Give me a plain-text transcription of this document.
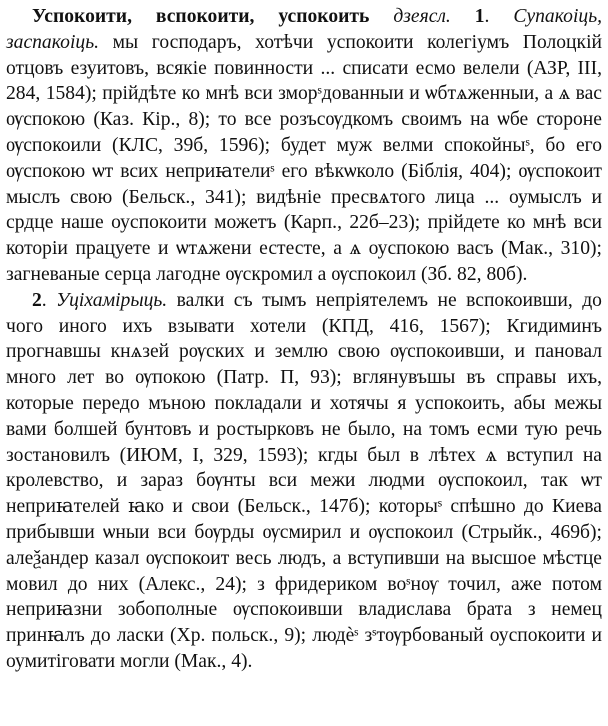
Успокоити, вспокоити, успокоить дзеясл. 1. Супакоіць, заспакоіць. мы господаръ, хотѣчи успокоити колегіумъ Полоцкій отцовъ езуитовъ, всякіе повинности ... списати есмо велели (АЗР, III, 284, 1584); прійдѣте ко мнѣ вси зморˢдованныи и ѡбтѧженныи, а ѧ вас ѹспокою (Каз. Кір., 8); то все розъсѹдкомъ своимъ на ѡбе стороне ѹспокоили (КЛС, 39б, 1596); будет муж велми спокойныˢ, бо его ѹспокою ѡт всих неприꙗтелиˢ его вѣкѡколо (Біблія, 404); ѹспокоит мыслъ свою (Бельск., 341); видѣніе пресвѧтого лица ... оумыслъ и срдце наше оуспокоити можетъ (Карп., 22б–23); прійдете ко мнѣ вси которіи працуете и ѡтѧжени естесте, а ѧ оуспокою васъ (Мак., 310); загневаные серца лагодне ѹскромил а ѹспокоил (Зб. 82, 80б).

2. Уціхамірыць. валки съ тымъ непріятелемъ не вспокоивши, до чого иного ихъ взывати хотели (КПД, 416, 1567); Кгидиминъ прогнавшы кнѧзей рѹских и землю свою ѹспокоивши, и пановал много лет во ѹпокою (Патр. П, 93); вглянувъшы въ справы ихъ, которые передо мъною покладали и хотячы я успокоить, абы межы вами болшей бунтовъ и ростырковъ не было, на томъ есми тую речь зостановилъ (ИЮМ, I, 329, 1593); кгды был в лѣтех ѧ вступил на кролевство, и зараз бѹнты вси межи людми ѹспокоил, так ѡт неприꙗтелей ꙗко и свои (Бельск., 147б); которыˢ спѣшно до Киева прибывши ѡныи вси бѹрды ѹсмирил и ѹспокоил (Стрыйк., 469б); алеѯандер казал ѹспокоит весь людъ, а вступивши на высшое мѣстце мовил до них (Алекс., 24); з фридериком воˢнѹ точил, аже потом неприꙗзни зобополные ѹспокоивши владислава брата з немец принꙗлъ до ласки (Хр. польск., 9); людѐˢ зˢтѹрбованый оуспокоити и оумитіговати могли (Мак., 4).
